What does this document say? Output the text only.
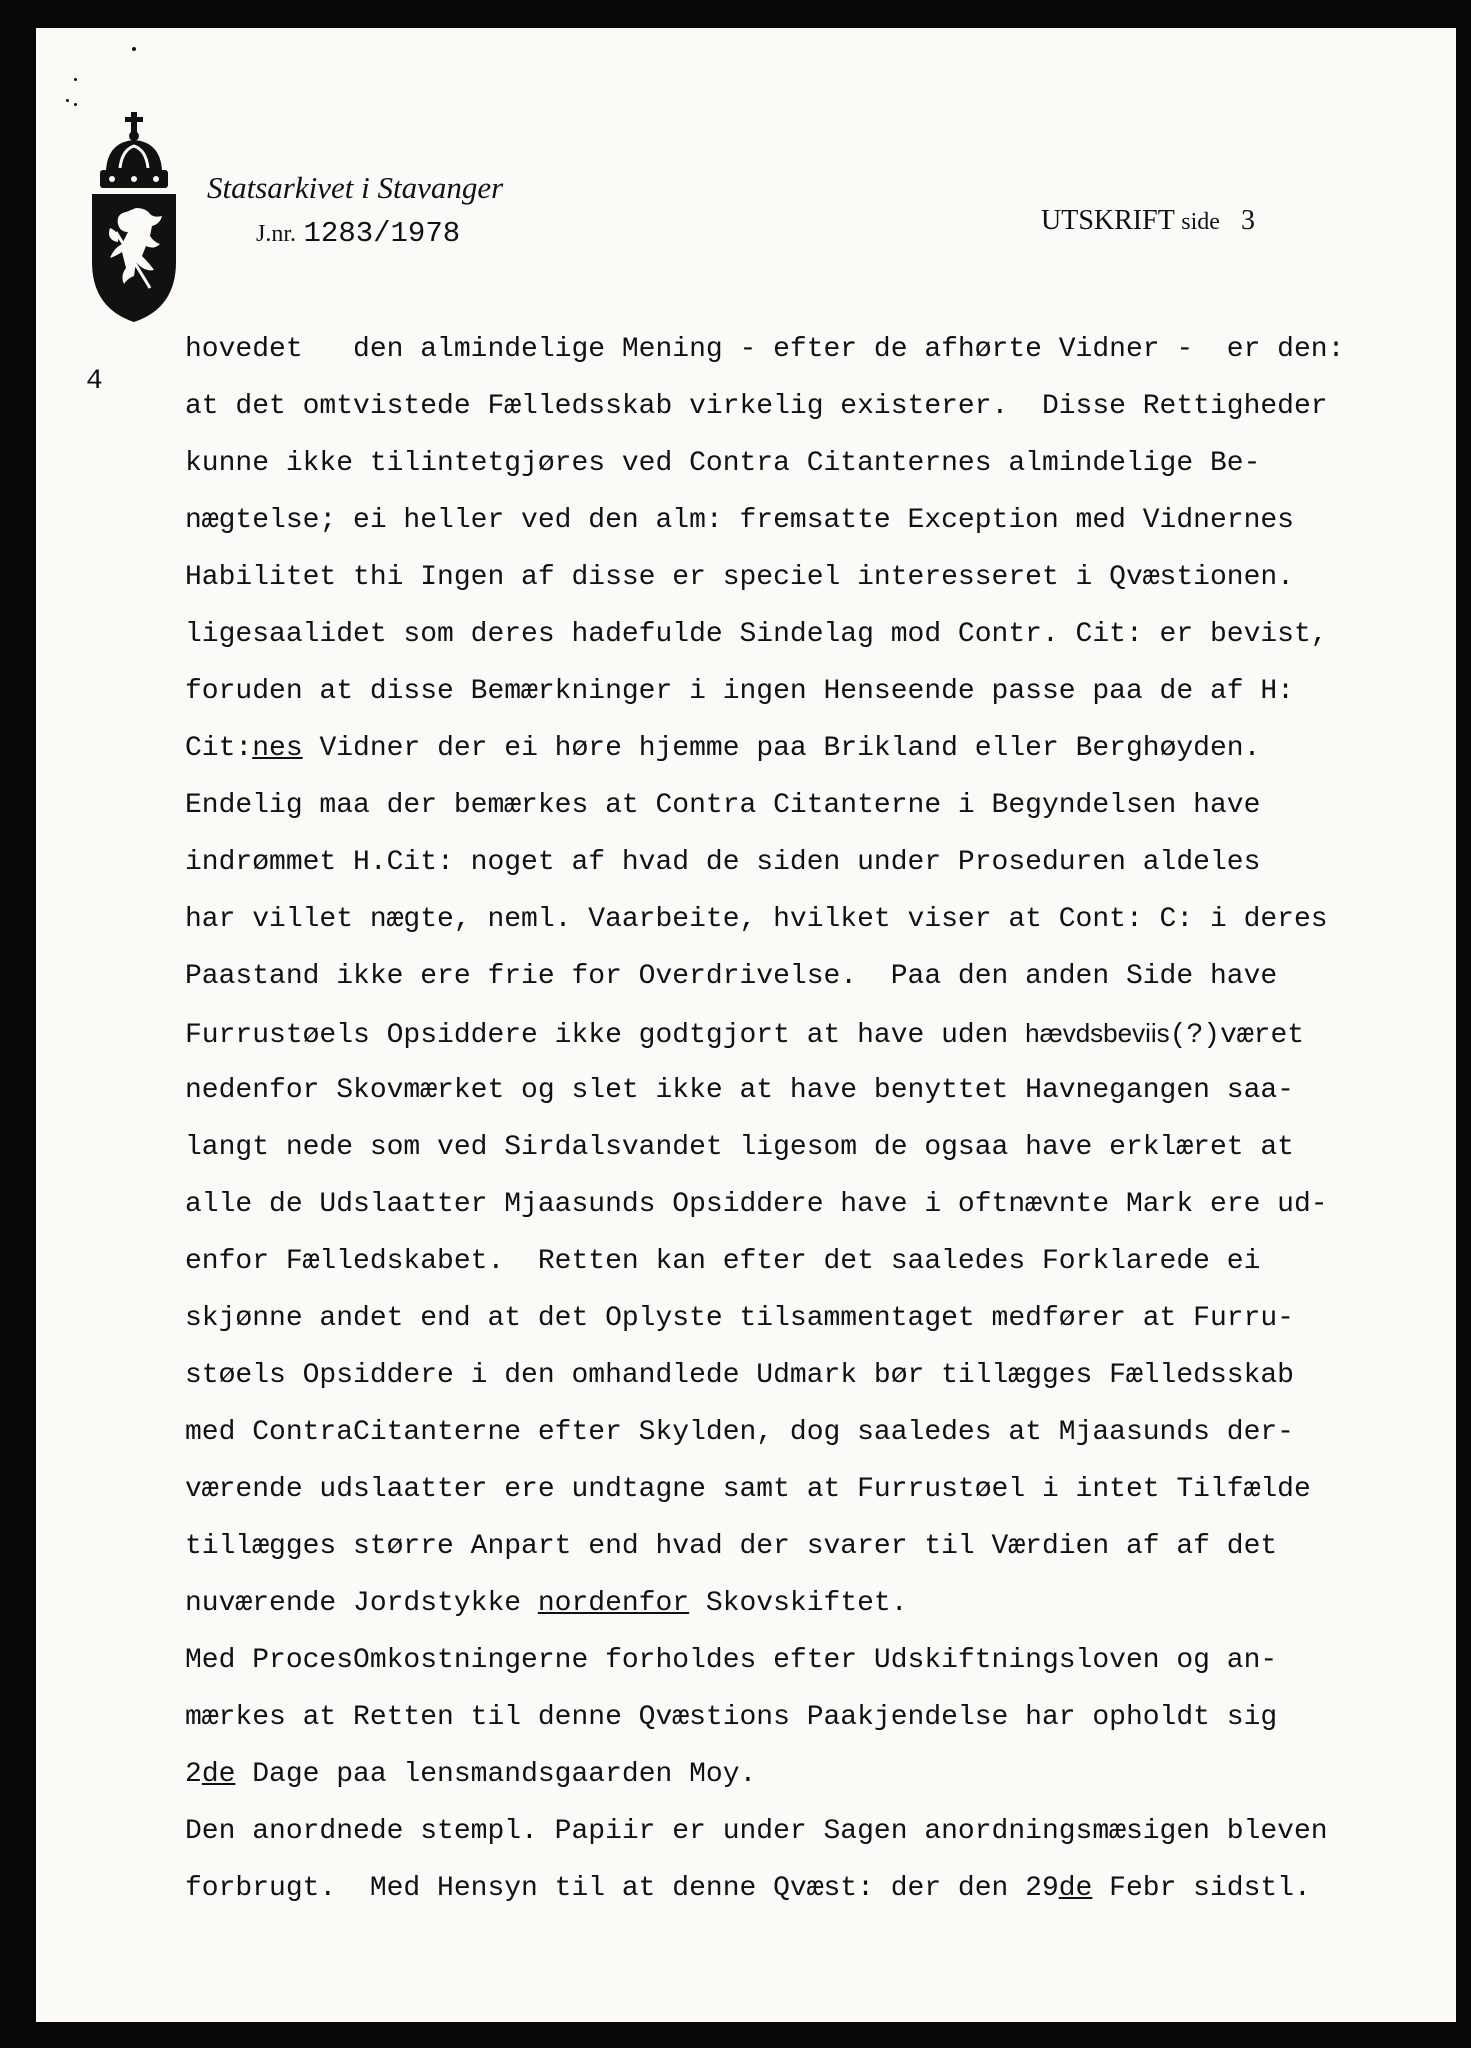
Statsarkivet i Stavanger
J.nr. 1283/1978	UTSKRIFT side 3
4
hovedet   den almindelige Mening - efter de afhørte Vidner -  er den:
at det omtvistede Fælledsskab virkelig existerer.  Disse Rettigheder
kunne ikke tilintetgjøres ved Contra Citanternes almindelige Be-
nægtelse; ei heller ved den alm: fremsatte Exception med Vidnernes
Habilitet thi Ingen af disse er speciel interesseret i Qvæstionen.
ligesaalidet som deres hadefulde Sindelag mod Contr. Cit: er bevist,
foruden at disse Bemærkninger i ingen Henseende passe paa de af H:
Cit:nes Vidner der ei høre hjemme paa Brikland eller Berghøyden.
Endelig maa der bemærkes at Contra Citanterne i Begyndelsen have
indrømmet H.Cit: noget af hvad de siden under Proseduren aldeles
har villet nægte, neml. Vaarbeite, hvilket viser at Cont: C: i deres
Paastand ikke ere frie for Overdrivelse.  Paa den anden Side have
Furrustøels Opsiddere ikke godtgjort at have uden hævdsbeviis(?)været
nedenfor Skovmærket og slet ikke at have benyttet Havnegangen saa-
langt nede som ved Sirdalsvandet ligesom de ogsaa have erklæret at
alle de Udslaatter Mjaasunds Opsiddere have i oftnævnte Mark ere ud-
enfor Fælledskabet.  Retten kan efter det saaledes Forklarede ei
skjønne andet end at det Oplyste tilsammentaget medfører at Furru-
støels Opsiddere i den omhandlede Udmark bør tillægges Fælledsskab
med ContraCitanterne efter Skylden, dog saaledes at Mjaasunds der-
værende udslaatter ere undtagne samt at Furrustøel i intet Tilfælde
tillægges større Anpart end hvad der svarer til Værdien af af det
nuværende Jordstykke nordenfor Skovskiftet.
Med ProcesOmkostningerne forholdes efter Udskiftningsloven og an-
mærkes at Retten til denne Qvæstions Paakjendelse har opholdt sig
2de Dage paa lensmandsgaarden Moy.
Den anordnede stempl. Papiir er under Sagen anordningsmæsigen bleven
forbrugt.  Med Hensyn til at denne Qvæst: der den 29de Febr sidstl.
